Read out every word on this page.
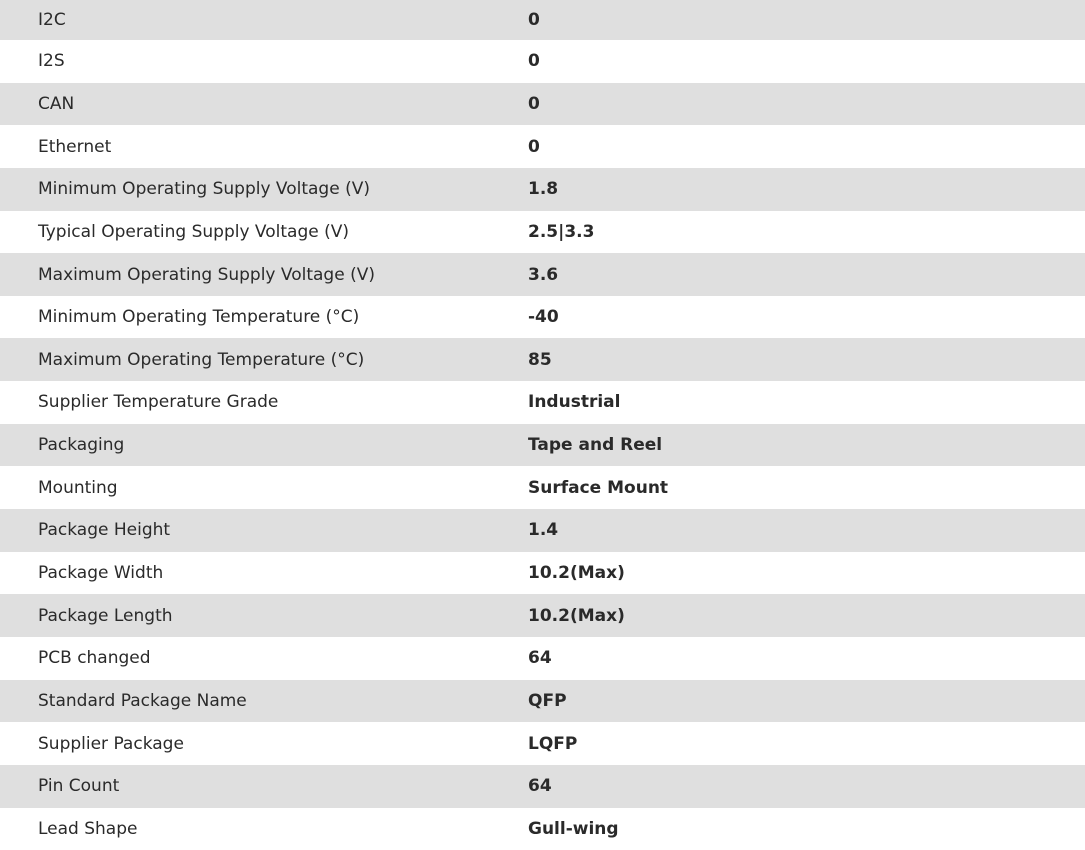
I2C	0
I2S	0
CAN	0
Ethernet	0
Minimum Operating Supply Voltage (V)	1.8
Typical Operating Supply Voltage (V)	2.5|3.3
Maximum Operating Supply Voltage (V)	3.6
Minimum Operating Temperature (°C)	-40
Maximum Operating Temperature (°C)	85
Supplier Temperature Grade	Industrial
Packaging	Tape and Reel
Mounting	Surface Mount
Package Height	1.4
Package Width	10.2(Max)
Package Length	10.2(Max)
PCB changed	64
Standard Package Name	QFP
Supplier Package	LQFP
Pin Count	64
Lead Shape	Gull-wing
